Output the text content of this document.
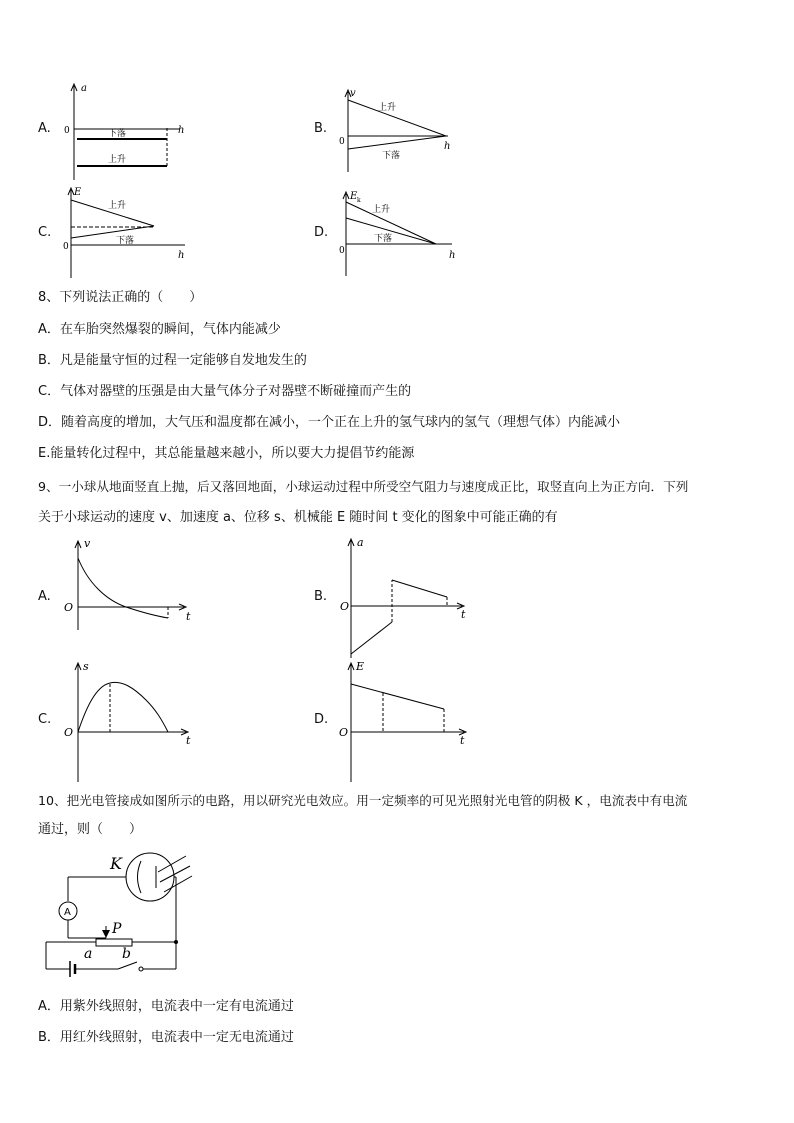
A.
a
0	h
下落
上升
B.
v
0	h
上升
下落
C.
E
0
h
上升
下落
D.
E k
0	h
上升
下落
8、下列说法正确的（　　）
A．在车胎突然爆裂的瞬间，气体内能减少
B．凡是能量守恒的过程一定能够自发地发生的
C．气体对器壁的压强是由大量气体分子对器壁不断碰撞而产生的
D．随着高度的增加，大气压和温度都在减小，一个正在上升的氢气球内的氢气（理想气体）内能减小
E.能量转化过程中，其总能量越来越小，所以要大力提倡节约能源
9、一小球从地面竖直上抛，后又落回地面，小球运动过程中所受空气阻力与速度成正比，取竖直向上为正方向．下列
关于小球运动的速度 v、加速度 a、位移 s、机械能 E 随时间 t 变化的图象中可能正确的有
A.
v
O
t
B.
a
O
t
C.
s
O
t
D.
E
O
t
10、把光电管接成如图所示的电路，用以研究光电效应。用一定频率的可见光照射光电管的阴极 K ，电流表中有电流
通过，则（　　）
K
A
P
a b
A．用紫外线照射，电流表中一定有电流通过
B．用红外线照射，电流表中一定无电流通过
